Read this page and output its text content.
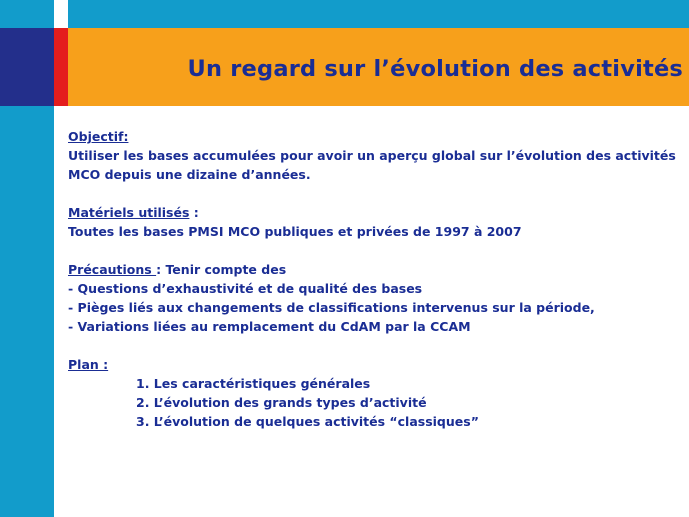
Un regard sur l’évolution des activités
Objectif:
Utiliser les bases accumulées pour avoir un aperçu global sur l’évolution des activités MCO depuis une dizaine d’années.
Matériels utilisés :
Toutes les bases PMSI MCO publiques et privées de 1997 à 2007
Précautions : Tenir compte des
- Questions d’exhaustivité et de qualité des bases
- Pièges liés aux changements de classifications intervenus sur la période,
- Variations liées au remplacement du CdAM par la CCAM
Plan :
1. Les caractéristiques générales
2. L’évolution des grands types d’activité
3. L’évolution de quelques activités “classiques”
